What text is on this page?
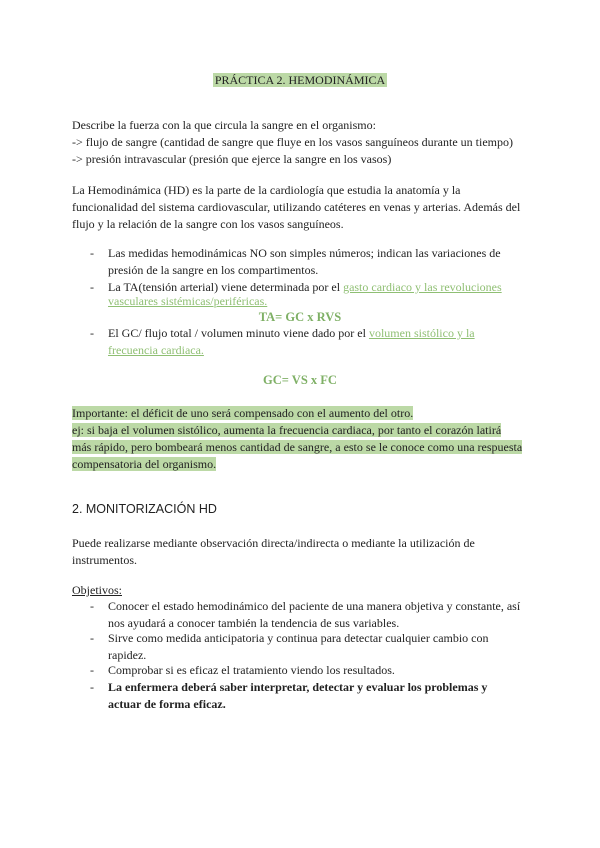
PRÁCTICA 2. HEMODINÁMICA
Describe la fuerza con la que circula la sangre en el organismo:
-> flujo de sangre (cantidad de sangre que fluye en los vasos sanguíneos durante un tiempo)
-> presión intravascular (presión que ejerce la sangre en los vasos)
La Hemodinámica (HD) es la parte de la cardiología que estudia la anatomía y la
funcionalidad del sistema cardiovascular, utilizando catéteres en venas y arterias. Además del
flujo y la relación de la sangre con los vasos sanguíneos.
- Las medidas hemodinámicas NO son simples números; indican las variaciones de
presión de la sangre en los compartimentos.
- La TA(tensión arterial) viene determinada por el gasto cardiaco y las revoluciones
vasculares sistémicas/periféricas.
TA= GC x RVS
- El GC/ flujo total / volumen minuto viene dado por el volumen sistólico y la
frecuencia cardiaca.
GC= VS x FC
Importante: el déficit de uno será compensado con el aumento del otro.
ej: si baja el volumen sistólico, aumenta la frecuencia cardiaca, por tanto el corazón latirá
más rápido, pero bombeará menos cantidad de sangre, a esto se le conoce como una respuesta
compensatoria del organismo.
2. MONITORIZACIÓN HD
Puede realizarse mediante observación directa/indirecta o mediante la utilización de
instrumentos.
Objetivos:
- Conocer el estado hemodinámico del paciente de una manera objetiva y constante, así
nos ayudará a conocer también la tendencia de sus variables.
- Sirve como medida anticipatoria y continua para detectar cualquier cambio con
rapidez.
- Comprobar si es eficaz el tratamiento viendo los resultados.
- La enfermera deberá saber interpretar, detectar y evaluar los problemas y
actuar de forma eficaz.
